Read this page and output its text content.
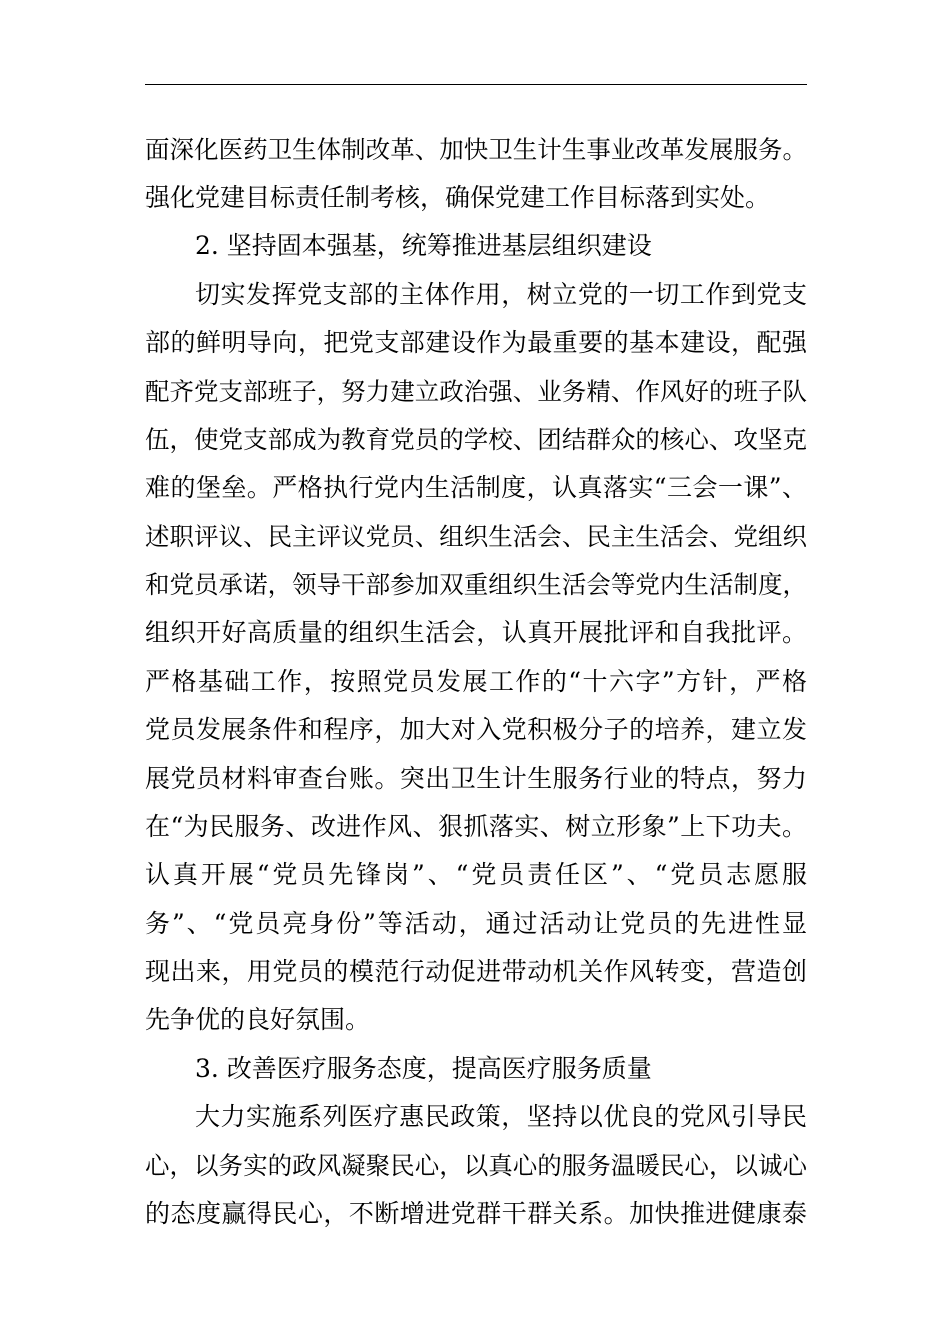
面深化医药卫生体制改革、加快卫生计生事业改革发展服务。
强化党建目标责任制考核，确保党建工作目标落到实处。
2. 坚持固本强基，统筹推进基层组织建设
切实发挥党支部的主体作用，树立党的一切工作到党支
部的鲜明导向，把党支部建设作为最重要的基本建设，配强
配齐党支部班子，努力建立政治强、业务精、作风好的班子队
伍，使党支部成为教育党员的学校、团结群众的核心、攻坚克
难的堡垒。严格执行党内生活制度，认真落实“三会一课”、
述职评议、民主评议党员、组织生活会、民主生活会、党组织
和党员承诺，领导干部参加双重组织生活会等党内生活制度，
组织开好高质量的组织生活会，认真开展批评和自我批评。
严格基础工作，按照党员发展工作的“十六字”方针，严格
党员发展条件和程序，加大对入党积极分子的培养，建立发
展党员材料审查台账。突出卫生计生服务行业的特点，努力
在“为民服务、改进作风、狠抓落实、树立形象”上下功夫。
认真开展“党员先锋岗”、“党员责任区”、“党员志愿服
务”、“党员亮身份”等活动，通过活动让党员的先进性显
现出来，用党员的模范行动促进带动机关作风转变，营造创
先争优的良好氛围。
3. 改善医疗服务态度，提高医疗服务质量
大力实施系列医疗惠民政策，坚持以优良的党风引导民
心，以务实的政风凝聚民心，以真心的服务温暖民心，以诚心
的态度赢得民心，不断增进党群干群关系。加快推进健康泰
